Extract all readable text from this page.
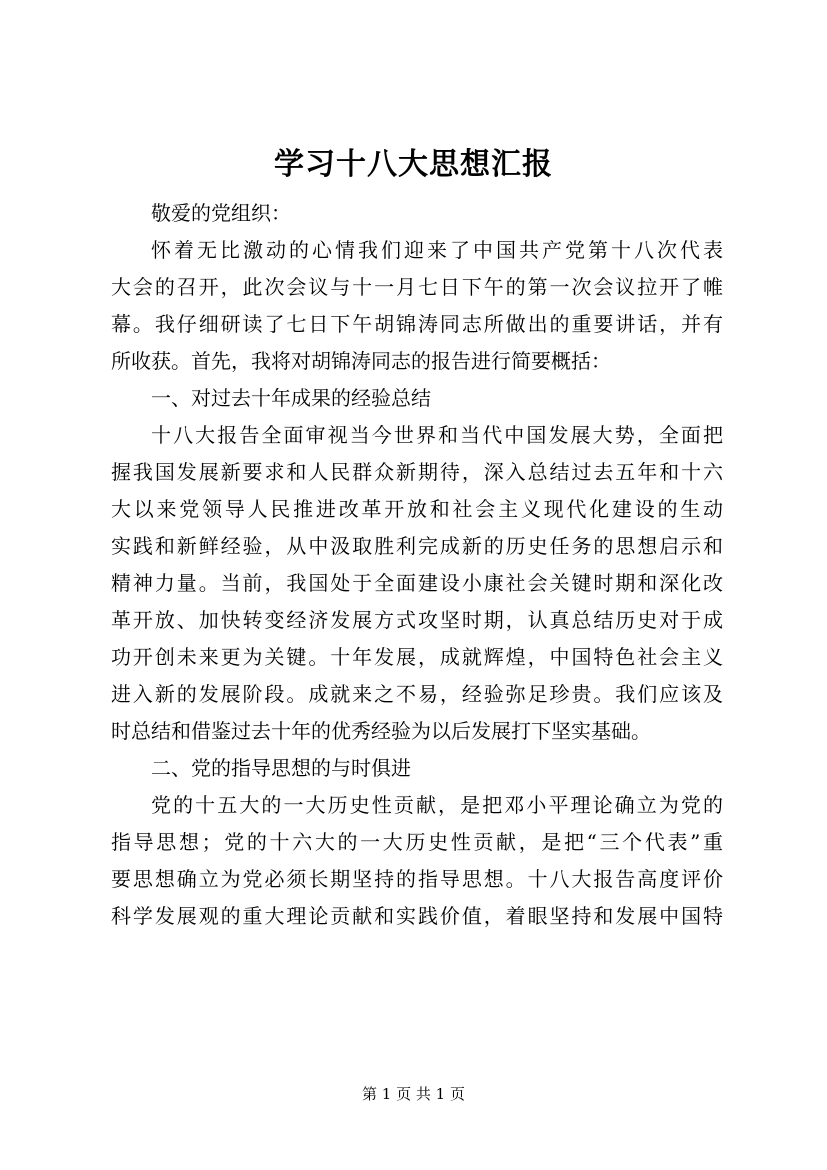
学习十八大思想汇报
敬爱的党组织：
怀着无比激动的心情我们迎来了中国共产党第十八次代表
大会的召开，此次会议与十一月七日下午的第一次会议拉开了帷
幕。我仔细研读了七日下午胡锦涛同志所做出的重要讲话，并有
所收获。首先，我将对胡锦涛同志的报告进行简要概括：
一、对过去十年成果的经验总结
十八大报告全面审视当今世界和当代中国发展大势，全面把
握我国发展新要求和人民群众新期待，深入总结过去五年和十六
大以来党领导人民推进改革开放和社会主义现代化建设的生动
实践和新鲜经验，从中汲取胜利完成新的历史任务的思想启示和
精神力量。当前，我国处于全面建设小康社会关键时期和深化改
革开放、加快转变经济发展方式攻坚时期，认真总结历史对于成
功开创未来更为关键。十年发展，成就辉煌，中国特色社会主义
进入新的发展阶段。成就来之不易，经验弥足珍贵。我们应该及
时总结和借鉴过去十年的优秀经验为以后发展打下坚实基础。
二、党的指导思想的与时俱进
党的十五大的一大历史性贡献，是把邓小平理论确立为党的
指导思想；党的十六大的一大历史性贡献，是把“三个代表”重
要思想确立为党必须长期坚持的指导思想。十八大报告高度评价
科学发展观的重大理论贡献和实践价值，着眼坚持和发展中国特
第 1 页 共 1 页
